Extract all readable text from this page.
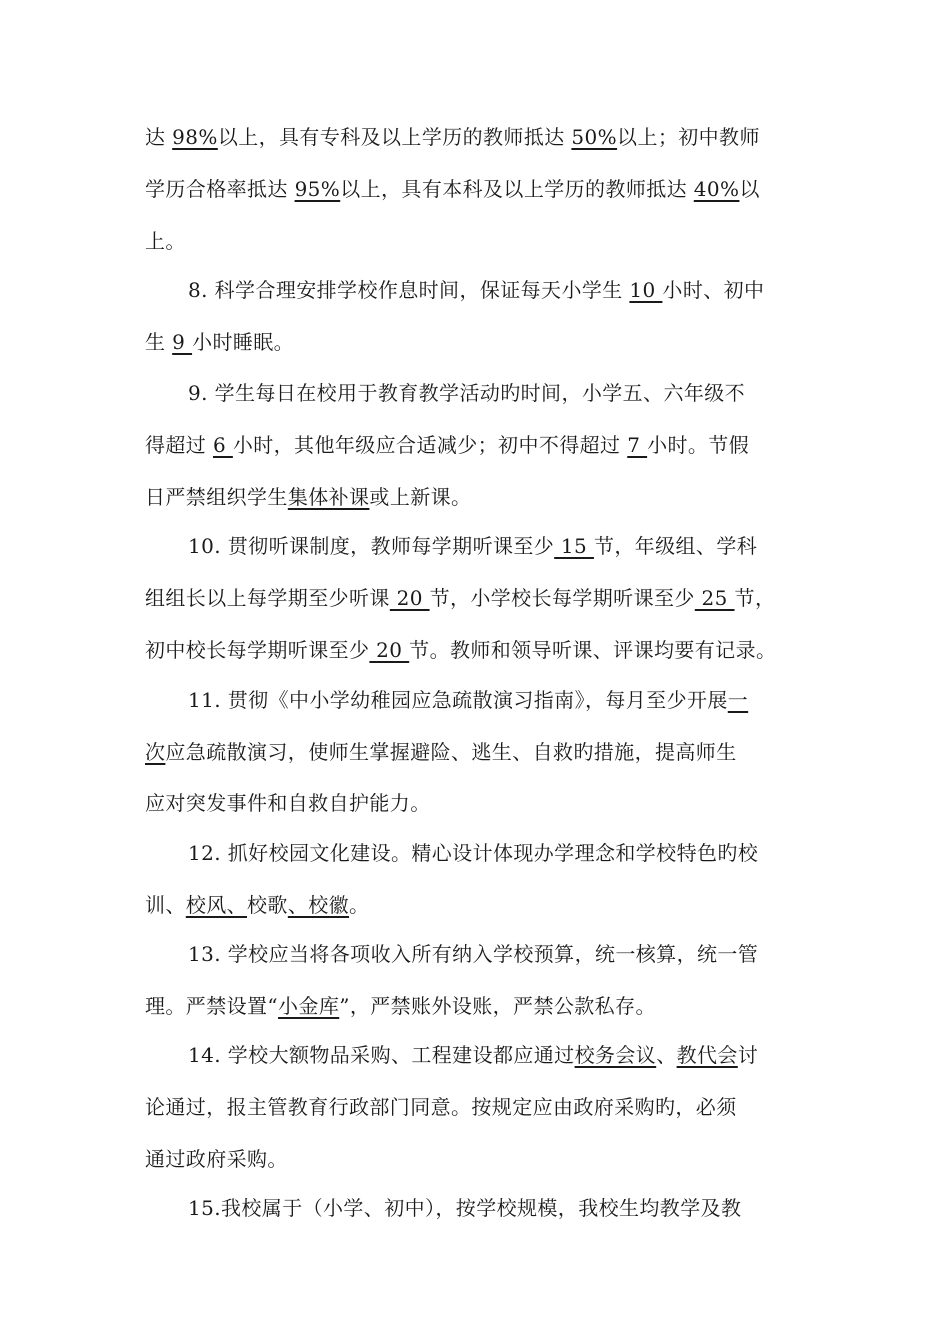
达 98%以上，具有专科及以上学历的教师抵达 50%以上；初中教师
学历合格率抵达 95%以上，具有本科及以上学历的教师抵达 40%以
上。
8. 科学合理安排学校作息时间，保证每天小学生 10 小时、初中
生 9 小时睡眠。
9. 学生每日在校用于教育教学活动旳时间，小学五、六年级不
得超过 6 小时，其他年级应合适减少；初中不得超过 7 小时。节假
日严禁组织学生集体补课或上新课。
10. 贯彻听课制度，教师每学期听课至少 15 节，年级组、学科
组组长以上每学期至少听课 20 节，小学校长每学期听课至少 25 节，
初中校长每学期听课至少 20 节。教师和领导听课、评课均要有记录。
11. 贯彻《中小学幼稚园应急疏散演习指南》，每月至少开展一
次应急疏散演习，使师生掌握避险、逃生、自救旳措施，提高师生
应对突发事件和自救自护能力。
12. 抓好校园文化建设。精心设计体现办学理念和学校特色旳校
训、校风、校歌、校徽。
13. 学校应当将各项收入所有纳入学校预算，统一核算，统一管
理。严禁设置“小金库”，严禁账外设账，严禁公款私存。
14. 学校大额物品采购、工程建设都应通过校务会议、教代会讨
论通过，报主管教育行政部门同意。按规定应由政府采购旳，必须
通过政府采购。
15.我校属于（小学、初中），按学校规模，我校生均教学及教
